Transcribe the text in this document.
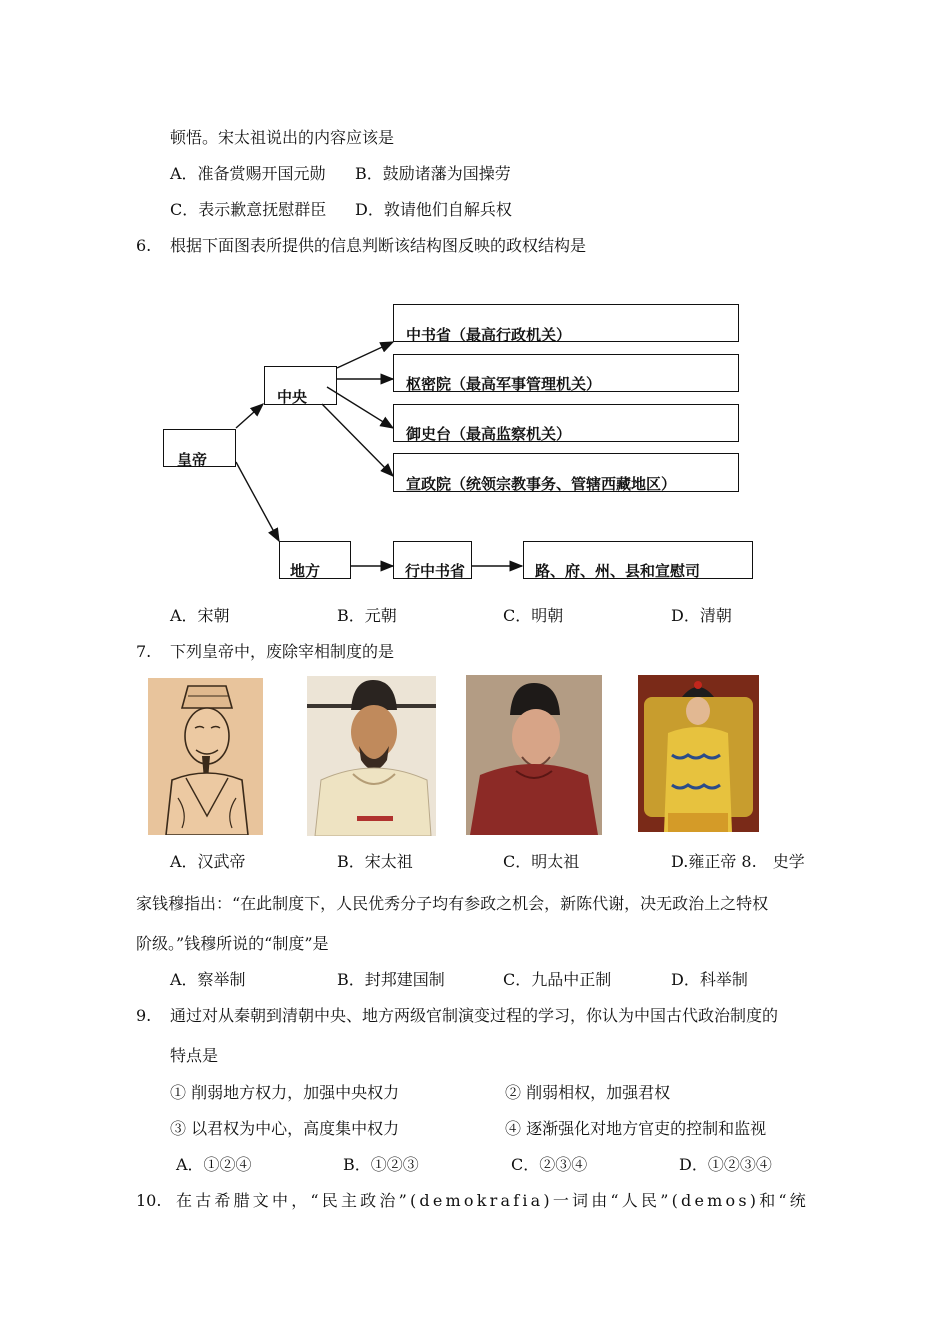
顿悟。宋太祖说出的内容应该是
A．准备赏赐开国元勋 B．鼓励诸藩为国操劳
C．表示歉意抚慰群臣 D．敦请他们自解兵权
6. 根据下面图表所提供的信息判断该结构图反映的政权结构是
皇帝
中央
中书省（最高行政机关）
枢密院（最高军事管理机关）
御史台（最高监察机关）
宣政院（统领宗教事务、管辖西藏地区）
地方	行中书省	路、府、州、县和宣慰司
A．宋朝	B．元朝	C．明朝	D．清朝
7. 下列皇帝中，废除宰相制度的是
A．汉武帝	B．宋太祖	C．明太祖	D.雍正帝 8.　史学
家钱穆指出：“在此制度下，人民优秀分子均有参政之机会，新陈代谢，决无政治上之特权
阶级。”钱穆所说的“制度”是
A．察举制	B．封邦建国制	C．九品中正制	D．科举制
9. 通过对从秦朝到清朝中央、地方两级官制演变过程的学习，你认为中国古代政治制度的
特点是
① 削弱地方权力，加强中央权力	② 削弱相权，加强君权
③ 以君权为中心，高度集中权力	④ 逐渐强化对地方官吏的控制和监视
A．①②④	B．①②③	C．②③④	D．①②③④
10. 在古希腊文中，“民主政治”(demokrafia)一词由“人民”(demos)和“统
